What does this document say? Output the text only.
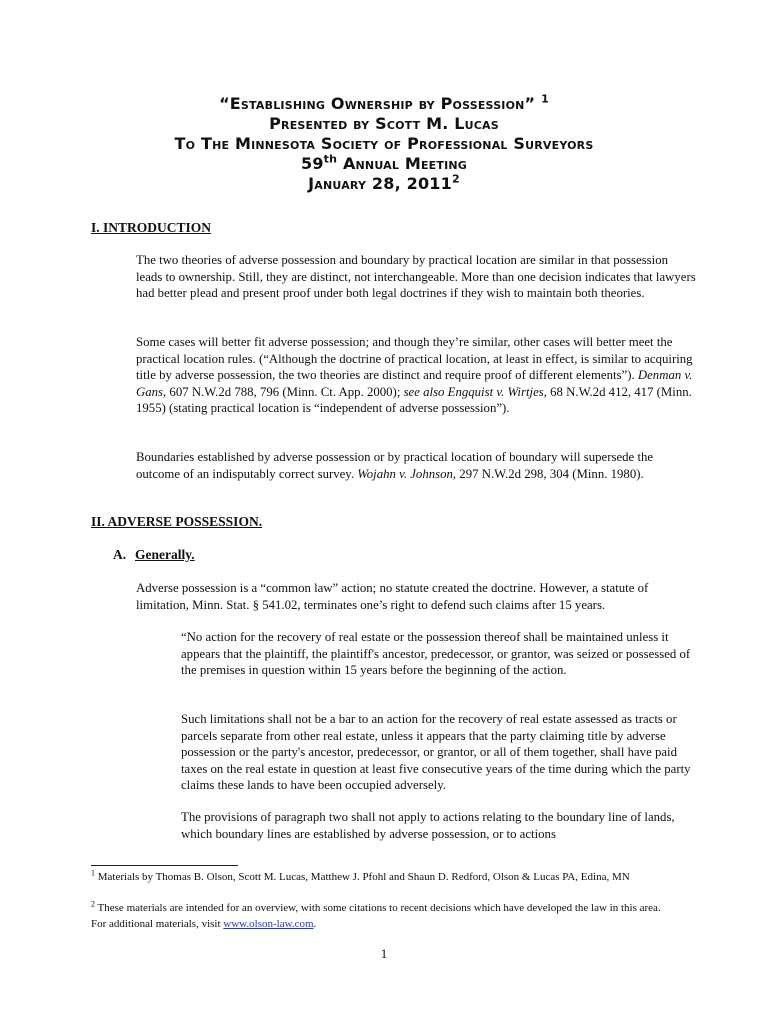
“Establishing Ownership by Possession” $^1$
Presented by Scott M. Lucas
To The Minnesota Society of Professional Surveyors
59th Annual Meeting
January 28, 2011$^2$
I. INTRODUCTION

The two theories of adverse possession and boundary by practical location are similar in that possession leads to ownership. Still, they are distinct, not interchangeable. More than one decision indicates that lawyers had better plead and present proof under both legal doctrines if they wish to maintain both theories.

Some cases will better fit adverse possession; and though they’re similar, other cases will better meet the practical location rules. (“Although the doctrine of practical location, at least in effect, is similar to acquiring title by adverse possession, the two theories are distinct and require proof of different elements”). Denman v. Gans, 607 N.W.2d 788, 796 (Minn. Ct. App. 2000); see also Engquist v. Wirtjes, 68 N.W.2d 412, 417 (Minn. 1955) (stating practical location is “independent of adverse possession”).

Boundaries established by adverse possession or by practical location of boundary will supersede the outcome of an indisputably correct survey. Wojahn v. Johnson, 297 N.W.2d 298, 304 (Minn. 1980).

II. ADVERSE POSSESSION.
A. Generally.

Adverse possession is a “common law” action; no statute created the doctrine. However, a statute of limitation, Minn. Stat. § 541.02, terminates one’s right to defend such claims after 15 years.

“No action for the recovery of real estate or the possession thereof shall be maintained unless it appears that the plaintiff, the plaintiff's ancestor, predecessor, or grantor, was seized or possessed of the premises in question within 15 years before the beginning of the action.

Such limitations shall not be a bar to an action for the recovery of real estate assessed as tracts or parcels separate from other real estate, unless it appears that the party claiming title by adverse possession or the party's ancestor, predecessor, or grantor, or all of them together, shall have paid taxes on the real estate in question at least five consecutive years of the time during which the party claims these lands to have been occupied adversely.

The provisions of paragraph two shall not apply to actions relating to the boundary line of lands, which boundary lines are established by adverse possession, or to actions

$^1$ Materials by Thomas B. Olson, Scott M. Lucas, Matthew J. Pfohl and Shaun D. Redford, Olson & Lucas PA, Edina, MN
$^2$ These materials are intended for an overview, with some citations to recent decisions which have developed the law in this area. For additional materials, visit www.olson-law.com.
1
